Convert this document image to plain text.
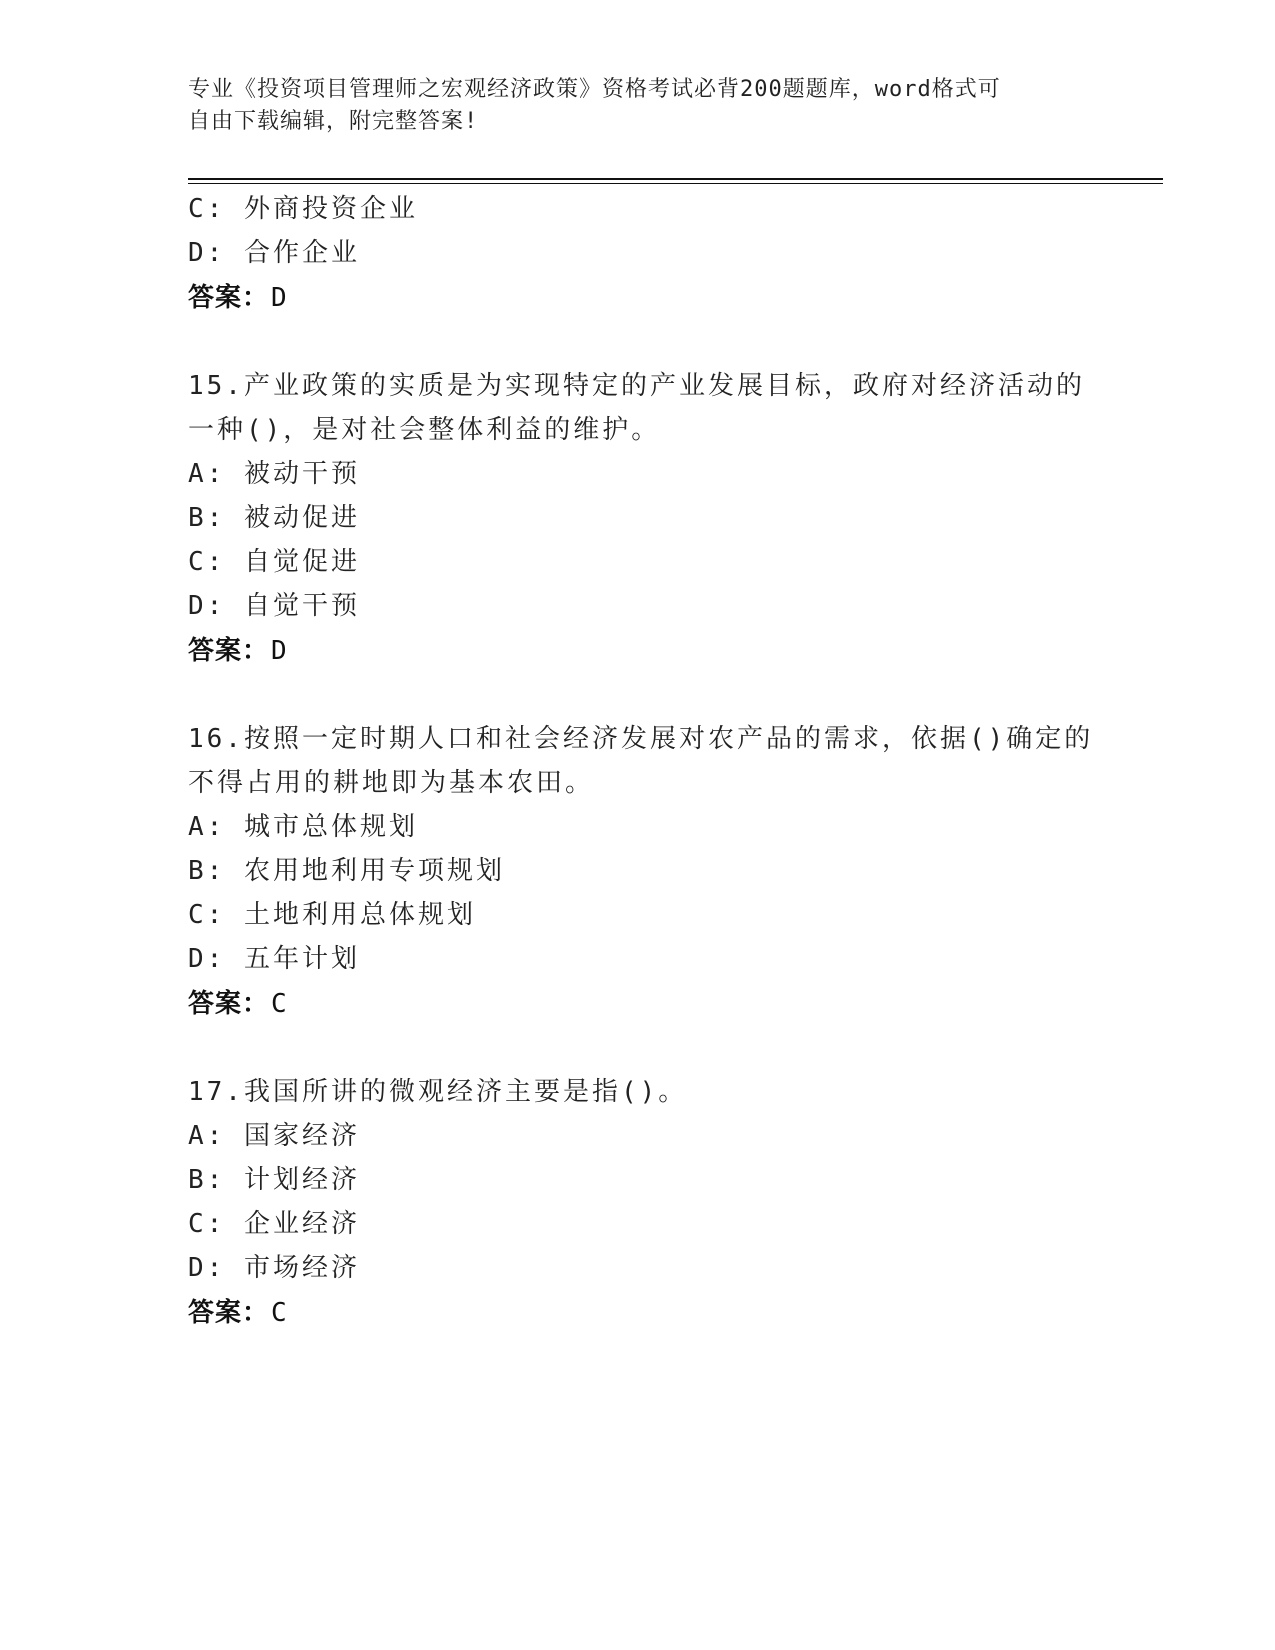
专业《投资项目管理师之宏观经济政策》资格考试必背200题题库，word格式可
自由下载编辑，附完整答案!
C: 外商投资企业
D: 合作企业
答案：D
15.产业政策的实质是为实现特定的产业发展目标，政府对经济活动的
一种()，是对社会整体利益的维护。
A: 被动干预
B: 被动促进
C: 自觉促进
D: 自觉干预
答案：D
16.按照一定时期人口和社会经济发展对农产品的需求，依据()确定的
不得占用的耕地即为基本农田。
A: 城市总体规划
B: 农用地利用专项规划
C: 土地利用总体规划
D: 五年计划
答案：C
17.我国所讲的微观经济主要是指()。
A: 国家经济
B: 计划经济
C: 企业经济
D: 市场经济
答案：C
